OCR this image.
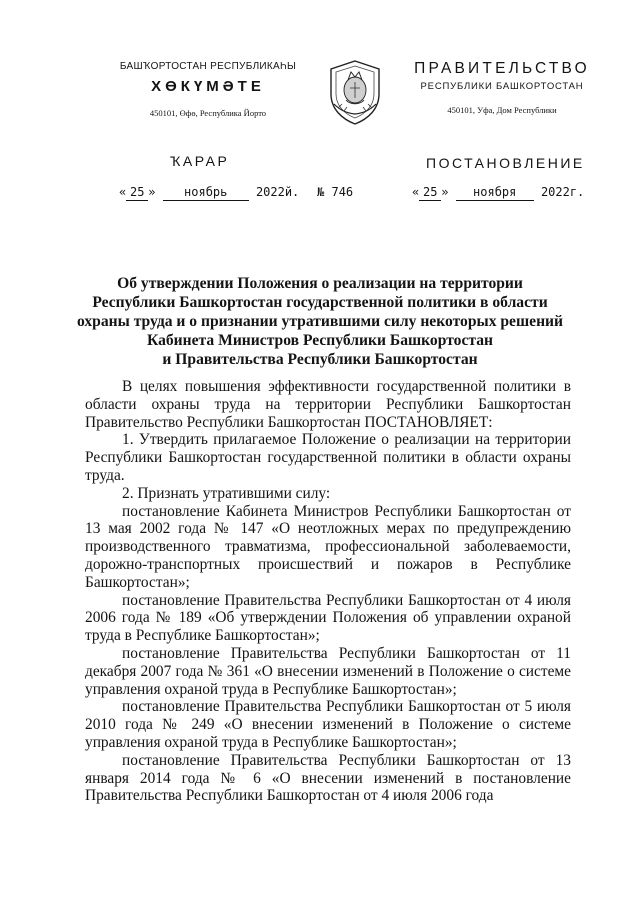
БАШҠОРТОСТАН РЕСПУБЛИКАҺЫ

ХӨКҮМӘТЕ

450101, Өфө, Республика Йорто

ПРАВИТЕЛЬСТВО

РЕСПУБЛИКИ БАШКОРТОСТАН

450101, Уфа, Дом Республики

ҠАРАР	ПОСТАНОВЛЕНИЕ
« 25 » ноябрь 2022й. № 746	« 25 » ноября 2022г.
Об утверждении Положения о реализации на территории
Республики Башкортостан государственной политики в области
охраны труда и о признании утратившими силу некоторых решений
Кабинета Министров Республики Башкортостан
и Правительства Республики Башкортостан

В целях повышения эффективности государственной политики в области охраны труда на территории Республики Башкортостан Правительство Республики Башкортостан ПОСТАНОВЛЯЕТ:

1. Утвердить прилагаемое Положение о реализации на территории Республики Башкортостан государственной политики в области охраны труда.

2. Признать утратившими силу:

постановление Кабинета Министров Республики Башкортостан от 13 мая 2002 года № 147 «О неотложных мерах по предупреждению производственного травматизма, профессиональной заболеваемости, дорожно-транспортных происшествий и пожаров в Республике Башкортостан»;

постановление Правительства Республики Башкортостан от 4 июля 2006 года № 189 «Об утверждении Положения об управлении охраной труда в Республике Башкортостан»;

постановление Правительства Республики Башкортостан от 11 декабря 2007 года № 361 «О внесении изменений в Положение о системе управления охраной труда в Республике Башкортостан»;

постановление Правительства Республики Башкортостан от 5 июля 2010 года № 249 «О внесении изменений в Положение о системе управления охраной труда в Республике Башкортостан»;

постановление Правительства Республики Башкортостан от 13 января 2014 года № 6 «О внесении изменений в постановление Правительства Республики Башкортостан от 4 июля 2006 года
